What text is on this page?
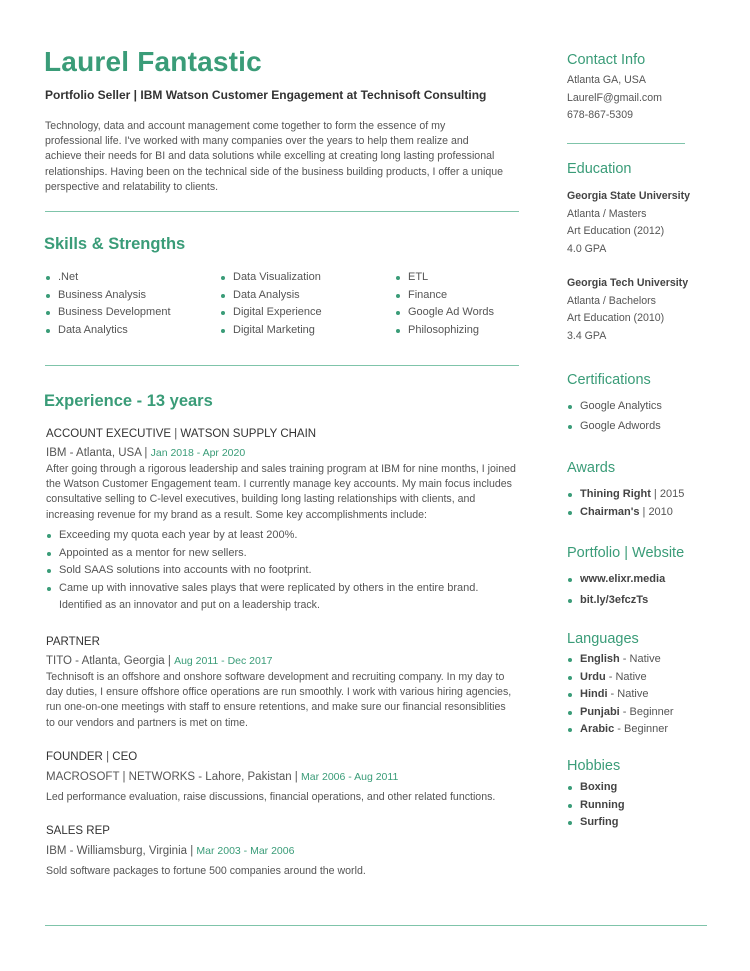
Laurel Fantastic
Portfolio Seller | IBM Watson Customer Engagement at Technisoft Consulting
Technology, data and account management come together to form the essence of my professional life. I've worked with many companies over the years to help them realize and achieve their needs for BI and data solutions while excelling at creating long lasting professional relationships. Having been on the technical side of the business building products, I offer a unique perspective and relatability to clients.
Skills & Strengths
.Net
Business Analysis
Business Development
Data Analytics
Data Visualization
Data Analysis
Digital Experience
Digital Marketing
ETL
Finance
Google Ad Words
Philosophizing
Experience - 13 years
ACCOUNT EXECUTIVE | WATSON SUPPLY CHAIN
IBM - Atlanta, USA | Jan 2018 - Apr 2020
After going through a rigorous leadership and sales training program at IBM for nine months, I joined the Watson Customer Engagement team. I currently manage key accounts. My main focus includes consultative selling to C-level executives, building long lasting relationships with clients, and increasing revenue for my brand as a result. Some key accomplishments include:
Exceeding my quota each year by at least 200%.
Appointed as a mentor for new sellers.
Sold SAAS solutions into accounts with no footprint.
Came up with innovative sales plays that were replicated by others in the entire brand.
Identified as an innovator and put on a leadership track.
PARTNER
TITO - Atlanta, Georgia | Aug 2011 - Dec 2017
Technisoft is an offshore and onshore software development and recruiting company. In my day to day duties, I ensure offshore office operations are run smoothly. I work with various hiring agencies, run one-on-one meetings with staff to ensure retentions, and make sure our financial resonsiblities to our vendors and partners is met on time.
FOUNDER | CEO
MACROSOFT | NETWORKS - Lahore, Pakistan | Mar 2006 - Aug 2011
Led performance evaluation, raise discussions, financial operations, and other related functions.
SALES REP
IBM - Williamsburg, Virginia | Mar 2003 - Mar 2006
Sold software packages to fortune 500 companies around the world.
Contact Info
Atlanta GA, USA
LaurelF@gmail.com
678-867-5309
Education
Georgia State University
Atlanta / Masters
Art Education (2012)
4.0 GPA
Georgia Tech University
Atlanta / Bachelors
Art Education (2010)
3.4 GPA
Certifications
Google Analytics
Google Adwords
Awards
Thining Right | 2015
Chairman's | 2010
Portfolio | Website
www.elixr.media
bit.ly/3efczTs
Languages
English - Native
Urdu - Native
Hindi - Native
Punjabi - Beginner
Arabic - Beginner
Hobbies
Boxing
Running
Surfing
